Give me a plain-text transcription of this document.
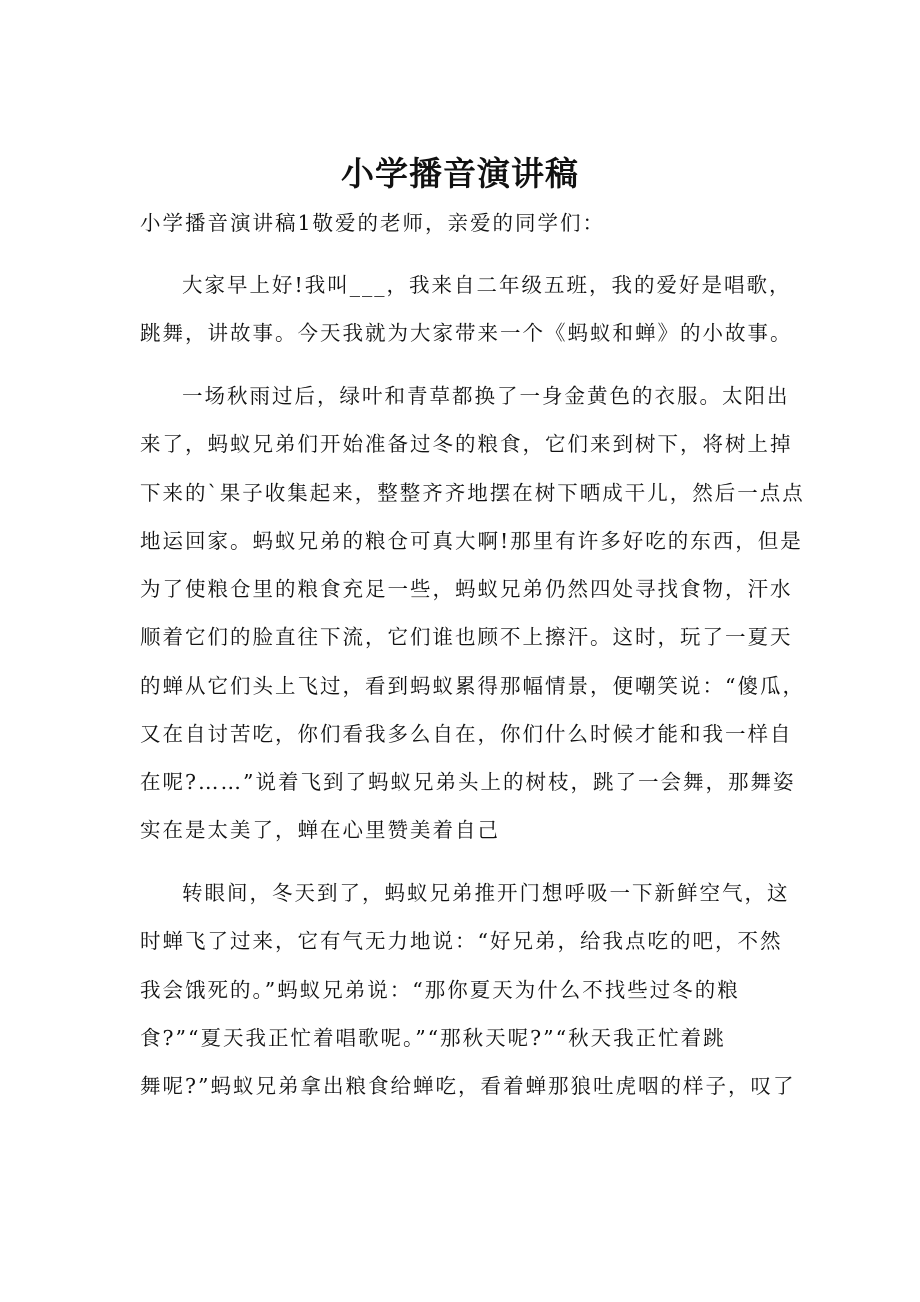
小学播音演讲稿
小学播音演讲稿1敬爱的老师，亲爱的同学们：
大家早上好!我叫___，我来自二年级五班，我的爱好是唱歌，
跳舞，讲故事。今天我就为大家带来一个《蚂蚁和蝉》的小故事。
一场秋雨过后，绿叶和青草都换了一身金黄色的衣服。太阳出
来了，蚂蚁兄弟们开始准备过冬的粮食，它们来到树下，将树上掉
下来的`果子收集起来，整整齐齐地摆在树下晒成干儿，然后一点点
地运回家。蚂蚁兄弟的粮仓可真大啊!那里有许多好吃的东西，但是
为了使粮仓里的粮食充足一些，蚂蚁兄弟仍然四处寻找食物，汗水
顺着它们的脸直往下流，它们谁也顾不上擦汗。这时，玩了一夏天
的蝉从它们头上飞过，看到蚂蚁累得那幅情景，便嘲笑说：“傻瓜，
又在自讨苦吃，你们看我多么自在，你们什么时候才能和我一样自
在呢?……”说着飞到了蚂蚁兄弟头上的树枝，跳了一会舞，那舞姿
实在是太美了，蝉在心里赞美着自己
转眼间，冬天到了，蚂蚁兄弟推开门想呼吸一下新鲜空气，这
时蝉飞了过来，它有气无力地说：“好兄弟，给我点吃的吧，不然
我会饿死的。”蚂蚁兄弟说：“那你夏天为什么不找些过冬的粮
食?”“夏天我正忙着唱歌呢。”“那秋天呢?”“秋天我正忙着跳
舞呢?”蚂蚁兄弟拿出粮食给蝉吃，看着蝉那狼吐虎咽的样子，叹了
